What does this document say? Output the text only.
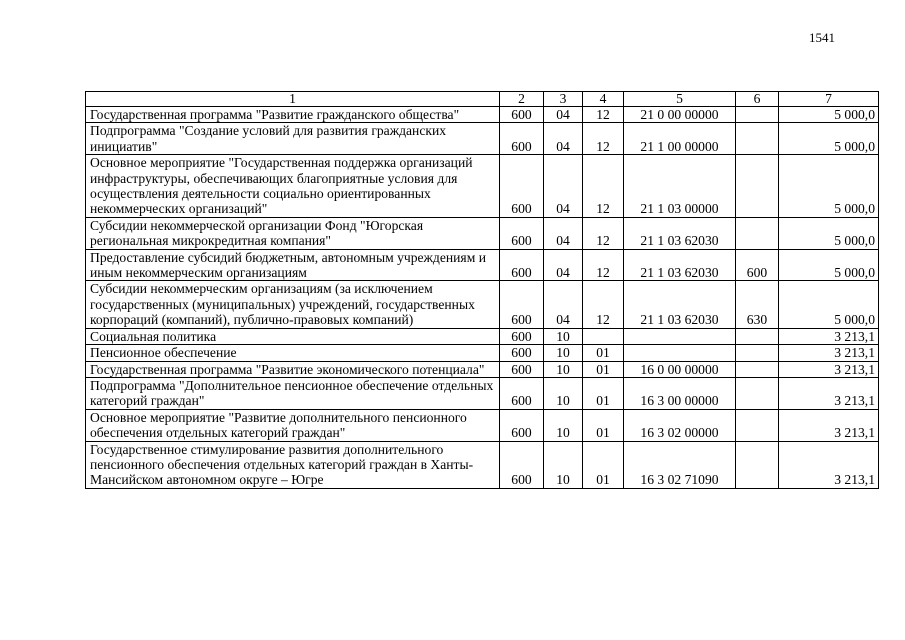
1541
1	2	3	4	5	6	7
Государственная программа "Развитие гражданского общества"	600	04	12	21 0 00 00000		5 000,0
Подпрограмма "Создание условий для развития гражданских инициатив"	600	04	12	21 1 00 00000		5 000,0
Основное мероприятие "Государственная поддержка организаций инфраструктуры, обеспечивающих благоприятные условия для осуществления деятельности социально ориентированных некоммерческих организаций"	600	04	12	21 1 03 00000		5 000,0
Субсидии некоммерческой организации Фонд "Югорская региональная микрокредитная компания"	600	04	12	21 1 03 62030		5 000,0
Предоставление субсидий бюджетным, автономным учреждениям и иным некоммерческим организациям	600	04	12	21 1 03 62030	600	5 000,0
Субсидии некоммерческим организациям (за исключением государственных (муниципальных) учреждений, государственных корпораций (компаний), публично-правовых компаний)	600	04	12	21 1 03 62030	630	5 000,0
Социальная политика	600	10				3 213,1
Пенсионное обеспечение	600	10	01			3 213,1
Государственная программа "Развитие экономического потенциала"	600	10	01	16 0 00 00000		3 213,1
Подпрограмма "Дополнительное пенсионное обеспечение отдельных категорий граждан"	600	10	01	16 3 00 00000		3 213,1
Основное мероприятие "Развитие дополнительного пенсионного обеспечения отдельных категорий граждан"	600	10	01	16 3 02 00000		3 213,1
Государственное стимулирование развития дополнительного пенсионного обеспечения отдельных категорий граждан в Ханты-Мансийском автономном округе – Югре	600	10	01	16 3 02 71090		3 213,1
